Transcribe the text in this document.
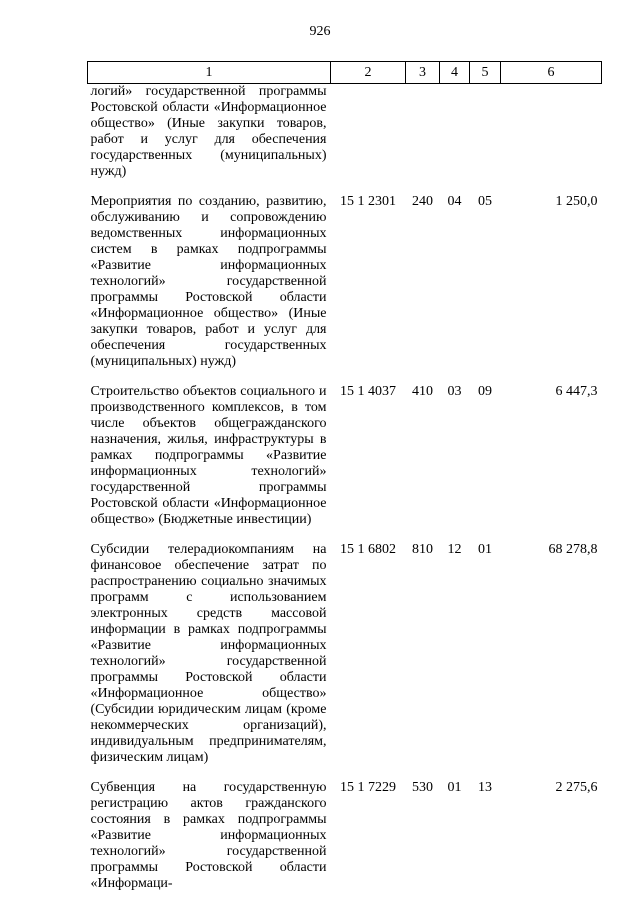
926
1	2	3	4	5	6
логий» государственной программы Ростовской области «Информационное общество» (Иные закупки товаров, работ и услуг для обеспечения государственных (муниципальных) нужд)					
Мероприятия по созданию, развитию, обслуживанию и сопровождению ведомственных информационных систем в рамках подпрограммы «Развитие информационных технологий» государственной программы Ростовской области «Информационное общество» (Иные закупки товаров, работ и услуг для обеспечения государственных (муниципальных) нужд)	15 1 2301	240	04	05	1 250,0
Строительство объектов социального и производственного комплексов, в том числе объектов общегражданского назначения, жилья, инфраструктуры в рамках подпрограммы «Развитие информационных технологий» государственной программы Ростовской области «Информационное общество» (Бюджетные инвестиции)	15 1 4037	410	03	09	6 447,3
Субсидии телерадиокомпаниям на финансовое обеспечение затрат по распространению социально значимых программ с использованием электронных средств массовой информации в рамках подпрограммы «Развитие информационных технологий» государственной программы Ростовской области «Информационное общество» (Субсидии юридическим лицам (кроме некоммерческих организаций), индивидуальным предпринимателям, физическим лицам)	15 1 6802	810	12	01	68 278,8
Субвенция на государственную регистрацию актов гражданского состояния в рамках подпрограммы «Развитие информационных технологий» государственной программы Ростовской области «Информаци-	15 1 7229	530	01	13	2 275,6
